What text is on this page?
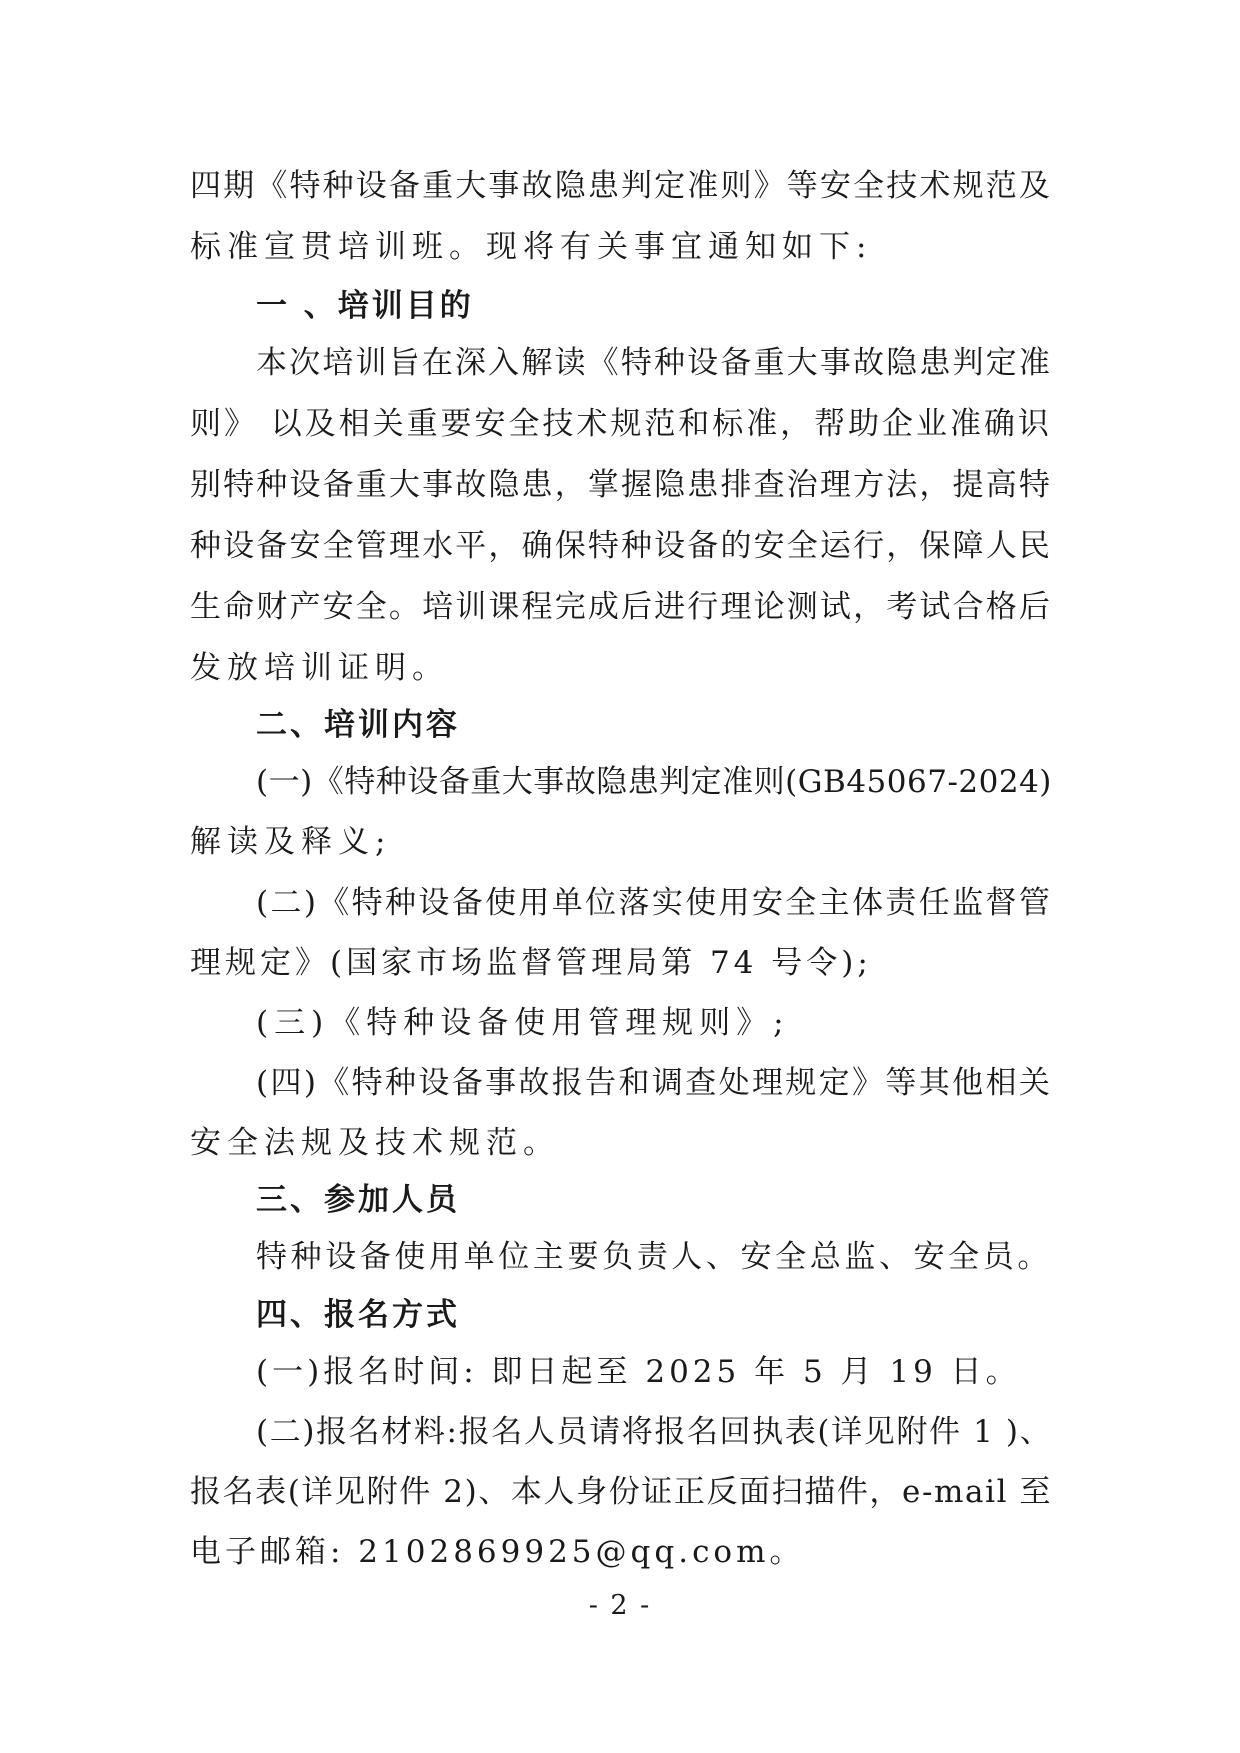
四期《特种设备重大事故隐患判定准则》等安全技术规范及
标准宣贯培训班。现将有关事宜通知如下:
一 、培训目的
本次培训旨在深入解读《特种设备重大事故隐患判定准
则》 以及相关重要安全技术规范和标准，帮助企业准确识
别特种设备重大事故隐患，掌握隐患排查治理方法，提高特
种设备安全管理水平，确保特种设备的安全运行，保障人民
生命财产安全。培训课程完成后进行理论测试，考试合格后
发放培训证明。
二、培训内容
(一)《特种设备重大事故隐患判定准则(GB45067-2024)
解读及释义;
(二)《特种设备使用单位落实使用安全主体责任监督管
理规定》(国家市场监督管理局第 74 号令);
(三)《特种设备使用管理规则》;
(四)《特种设备事故报告和调查处理规定》等其他相关
安全法规及技术规范。
三、参加人员
特种设备使用单位主要负责人、安全总监、安全员。
四、报名方式
(一)报名时间: 即日起至 2025 年 5 月 19 日。
(二)报名材料:报名人员请将报名回执表(详见附件 1 )、
报名表(详见附件 2)、本人身份证正反面扫描件，e-mail 至
电子邮箱: 2102869925@qq.com。
- 2 -
